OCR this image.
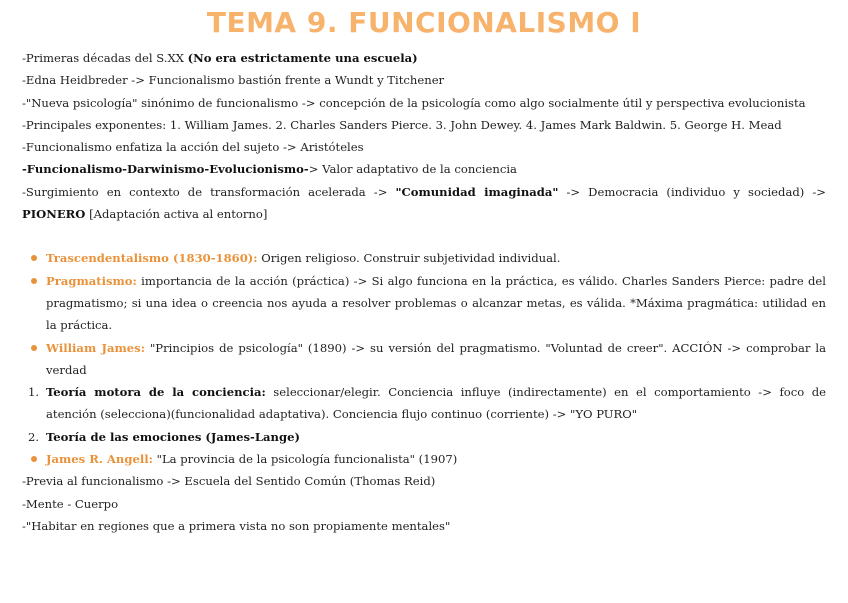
TEMA 9. FUNCIONALISMO I

-Primeras décadas del S.XX (No era estrictamente una escuela)

-Edna Heidbreder -> Funcionalismo bastión frente a Wundt y Titchener

-"Nueva psicología" sinónimo de funcionalismo -> concepción de la psicología como algo socialmente útil y perspectiva evolucionista

-Principales exponentes: 1. William James. 2. Charles Sanders Pierce. 3. John Dewey. 4. James Mark Baldwin. 5. George H. Mead

-Funcionalismo enfatiza la acción del sujeto -> Aristóteles

-Funcionalismo-Darwinismo-Evolucionismo-> Valor adaptativo de la conciencia

-Surgimiento en contexto de transformación acelerada -> "Comunidad imaginada" -> Democracia (individuo y sociedad) -> PIONERO [Adaptación activa al entorno]

Trascendentalismo (1830-1860): Origen religioso. Construir subjetividad individual.
Pragmatismo: importancia de la acción (práctica) -> Si algo funciona en la práctica, es válido. Charles Sanders Pierce: padre del pragmatismo; si una idea o creencia nos ayuda a resolver problemas o alcanzar metas, es válida. *Máxima pragmática: utilidad en la práctica.
William James: "Principios de psicología" (1890) -> su versión del pragmatismo. "Voluntad de creer". ACCIÓN -> comprobar la verdad

1. Teoría motora de la conciencia: seleccionar/elegir. Conciencia influye (indirectamente) en el comportamiento -> foco de atención (selecciona)(funcionalidad adaptativa). Conciencia flujo continuo (corriente) -> "YO PURO"

2. Teoría de las emociones (James-Lange)

James R. Angell: "La provincia de la psicología funcionalista" (1907)

-Previa al funcionalismo -> Escuela del Sentido Común (Thomas Reid)

-Mente - Cuerpo

-"Habitar en regiones que a primera vista no son propiamente mentales"
